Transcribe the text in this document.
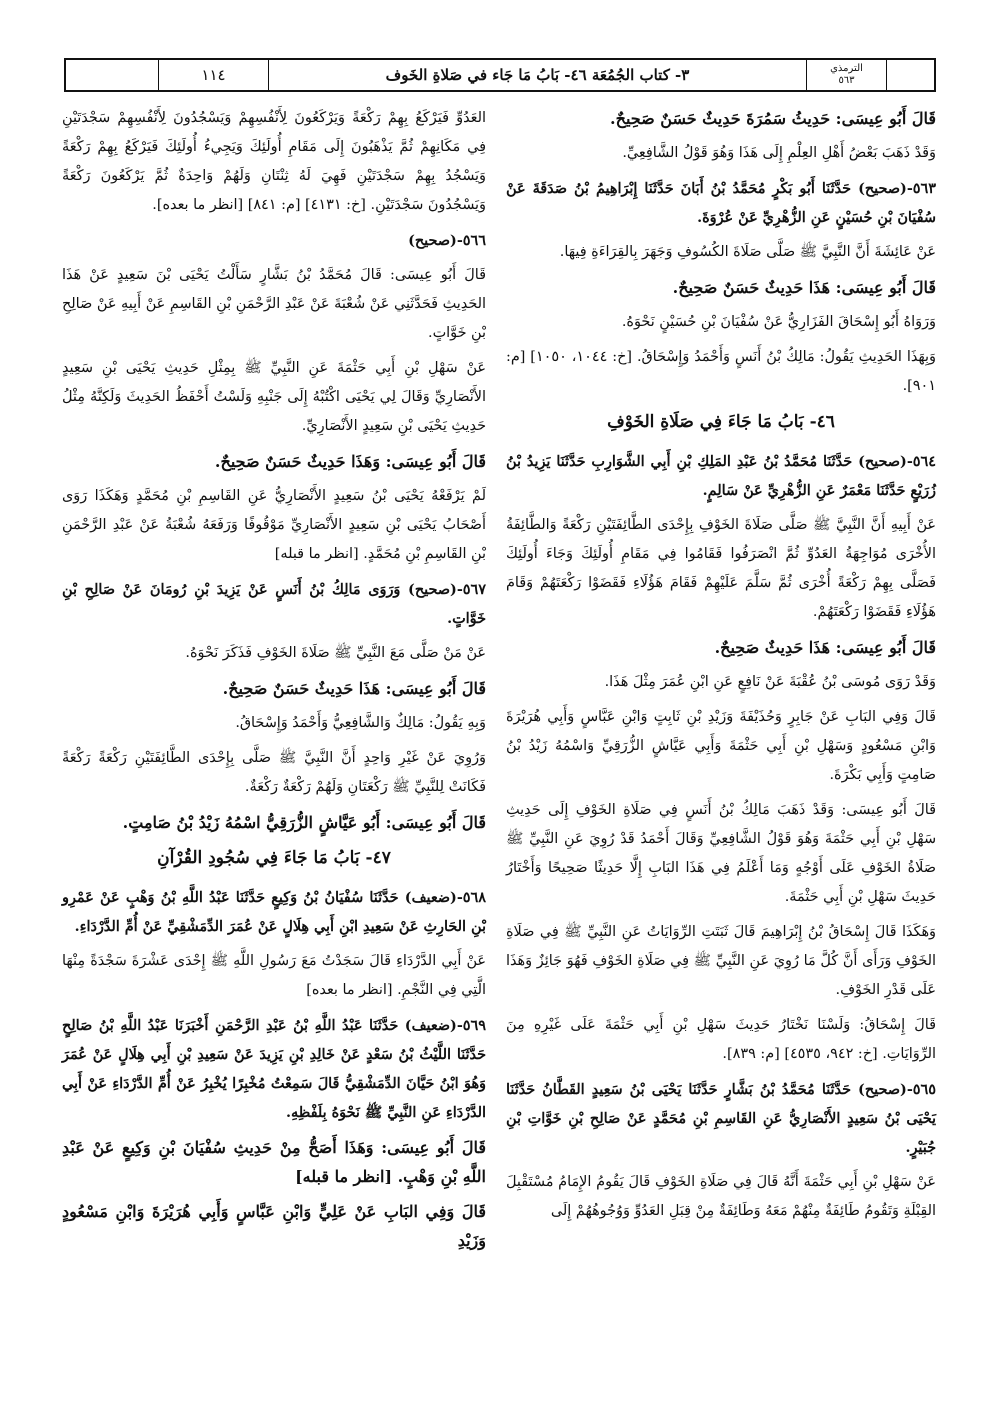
الترمذي
٥٦٣
٣- كتاب الجُمُعَة ٤٦- بَابُ مَا جَاء في صَلاةِ الخَوف
١١٤

قَالَ أَبُو عِيسَى: حَدِيثُ سَمُرَةَ حَدِيثٌ حَسَنٌ صَحِيحٌ.

وَقَدْ ذَهَبَ بَعْضُ أَهْلِ العِلْمِ إِلَى هَذَا وَهُوَ قَوْلُ الشَّافِعِيِّ.

٥٦٣-(صحيح) حَدَّثَنَا أَبُو بَكْرٍ مُحَمَّدُ بْنُ أَبَانَ حَدَّثَنَا إِبْرَاهِيمُ بْنُ صَدَقَةَ عَنْ سُفْيَانَ بْنِ حُسَيْنٍ عَنِ الزُّهْرِيِّ عَنْ عُرْوَةَ.

عَنْ عَائِشَةَ أَنَّ النَّبِيَّ ﷺ صَلَّى صَلَاةَ الكُسُوفِ وَجَهَرَ بِالقِرَاءَةِ فِيهَا.

قَالَ أَبُو عِيسَى: هَذَا حَدِيثٌ حَسَنٌ صَحِيحٌ.

وَرَوَاهُ أَبُو إِسْحَاقَ الفَزَارِيُّ عَنْ سُفْيَانَ بْنِ حُسَيْنٍ نَحْوَهُ.

وَبِهَذَا الحَدِيثِ يَقُولُ: مَالِكُ بْنُ أَنَسٍ وَأَحْمَدُ وَإِسْحَاقُ. [خ: ١٠٤٤، ١٠٥٠] [م: ٩٠١].

٤٦- بَابُ مَا جَاءَ فِي صَلَاةِ الخَوْفِ

٥٦٤-(صحيح) حَدَّثَنَا مُحَمَّدُ بْنُ عَبْدِ المَلِكِ بْنِ أَبِي الشَّوَارِبِ حَدَّثَنَا يَزِيدُ بْنُ زُرَيْعٍ حَدَّثَنَا مَعْمَرٌ عَنِ الزُّهْرِيِّ عَنْ سَالِمٍ.

عَنْ أَبِيهِ أَنَّ النَّبِيَّ ﷺ صَلَّى صَلَاةَ الخَوْفِ بِإِحْدَى الطَّائِفَتَيْنِ رَكْعَةً وَالطَّائِفَةُ الأُخْرَى مُوَاجِهَةُ العَدُوِّ ثُمَّ انْصَرَفُوا فَقَامُوا فِي مَقَامِ أُولَئِكَ وَجَاءَ أُولَئِكَ فَصَلَّى بِهِمْ رَكْعَةً أُخْرَى ثُمَّ سَلَّمَ عَلَيْهِمْ فَقَامَ هَؤُلَاءِ فَقَضَوْا رَكْعَتَهُمْ وَقَامَ هَؤُلَاءِ فَقَضَوْا رَكْعَتَهُمْ.

قَالَ أَبُو عِيسَى: هَذَا حَدِيثٌ صَحِيحٌ.

وَقَدْ رَوَى مُوسَى بْنُ عُقْبَةَ عَنْ نَافِعٍ عَنِ ابْنِ عُمَرَ مِثْلَ هَذَا.

قَالَ وَفِي البَابِ عَنْ جَابِرٍ وَحُذَيْفَةَ وَزَيْدِ بْنِ ثَابِتٍ وَابْنِ عَبَّاسٍ وَأَبِي هُرَيْرَةَ وَابْنِ مَسْعُودٍ وَسَهْلِ بْنِ أَبِي حَثْمَةَ وَأَبِي عَيَّاشٍ الزُّرَقِيِّ وَاسْمُهُ زَيْدُ بْنُ صَامِتٍ وَأَبِي بَكْرَةَ.

قَالَ أَبُو عِيسَى: وَقَدْ ذَهَبَ مَالِكُ بْنُ أَنَسٍ فِي صَلَاةِ الخَوْفِ إِلَى حَدِيثِ سَهْلِ بْنِ أَبِي حَثْمَةَ وَهُوَ قَوْلُ الشَّافِعِيِّ وَقَالَ أَحْمَدُ قَدْ رُوِيَ عَنِ النَّبِيِّ ﷺ صَلَاةُ الخَوْفِ عَلَى أَوْجُهٍ وَمَا أَعْلَمُ فِي هَذَا البَابِ إِلَّا حَدِيثًا صَحِيحًا وَأَخْتَارُ حَدِيثَ سَهْلِ بْنِ أَبِي حَثْمَةَ.

وَهَكَذَا قَالَ إِسْحَاقُ بْنُ إِبْرَاهِيمَ قَالَ ثَبَتَتِ الرِّوَايَاتُ عَنِ النَّبِيِّ ﷺ فِي صَلَاةِ الخَوْفِ وَرَأَى أَنَّ كُلَّ مَا رُوِيَ عَنِ النَّبِيِّ ﷺ فِي صَلَاةِ الخَوْفِ فَهُوَ جَائِزٌ وَهَذَا عَلَى قَدْرِ الخَوْفِ.

قَالَ إِسْحَاقُ: وَلَسْنَا نَخْتَارُ حَدِيثَ سَهْلِ بْنِ أَبِي حَثْمَةَ عَلَى غَيْرِهِ مِنَ الرِّوَايَاتِ. [خ: ٩٤٢، ٤٥٣٥] [م: ٨٣٩].

٥٦٥-(صحيح) حَدَّثَنَا مُحَمَّدُ بْنُ بَشَّارٍ حَدَّثَنَا يَحْيَى بْنُ سَعِيدٍ القَطَّانُ حَدَّثَنَا يَحْيَى بْنُ سَعِيدٍ الأَنْصَارِيُّ عَنِ القَاسِمِ بْنِ مُحَمَّدٍ عَنْ صَالِحِ بْنِ خَوَّاتِ بْنِ جُبَيْرٍ.

عَنْ سَهْلِ بْنِ أَبِي حَثْمَةَ أَنَّهُ قَالَ فِي صَلَاةِ الخَوْفِ قَالَ يَقُومُ الإِمَامُ مُسْتَقْبِلَ القِبْلَةِ وَتَقُومُ طَائِفَةٌ مِنْهُمْ مَعَهُ وَطَائِفَةٌ مِنْ قِبَلِ العَدُوِّ وَوُجُوهُهُمْ إِلَى

العَدُوِّ فَيَرْكَعُ بِهِمْ رَكْعَةً وَيَرْكَعُونَ لِأَنْفُسِهِمْ وَيَسْجُدُونَ لِأَنْفُسِهِمْ سَجْدَتَيْنِ فِي مَكَانِهِمْ ثُمَّ يَذْهَبُونَ إِلَى مَقَامِ أُولَئِكَ وَيَجِيءُ أُولَئِكَ فَيَرْكَعُ بِهِمْ رَكْعَةً وَيَسْجُدُ بِهِمْ سَجْدَتَيْنِ فَهِيَ لَهُ ثِنْتَانِ وَلَهُمْ وَاحِدَةٌ ثُمَّ يَرْكَعُونَ رَكْعَةً وَيَسْجُدُونَ سَجْدَتَيْنِ. [خ: ٤١٣١] [م: ٨٤١] [انظر ما بعده].

٥٦٦-(صحيح)

قَالَ أَبُو عِيسَى: قَالَ مُحَمَّدُ بْنُ بَشَّارٍ سَأَلْتُ يَحْيَى بْنَ سَعِيدٍ عَنْ هَذَا الحَدِيثِ فَحَدَّثَنِي عَنْ شُعْبَةَ عَنْ عَبْدِ الرَّحْمَنِ بْنِ القَاسِمِ عَنْ أَبِيهِ عَنْ صَالِحِ بْنِ خَوَّاتٍ.

عَنْ سَهْلِ بْنِ أَبِي حَثْمَةَ عَنِ النَّبِيِّ ﷺ بِمِثْلِ حَدِيثِ يَحْيَى بْنِ سَعِيدٍ الأَنْصَارِيِّ وَقَالَ لِي يَحْيَى اكْتُبْهُ إِلَى جَنْبِهِ وَلَسْتُ أَحْفَظُ الحَدِيثَ وَلَكِنَّهُ مِثْلُ حَدِيثِ يَحْيَى بْنِ سَعِيدٍ الأَنْصَارِيِّ.

قَالَ أَبُو عِيسَى: وَهَذَا حَدِيثٌ حَسَنٌ صَحِيحٌ.

لَمْ يَرْفَعْهُ يَحْيَى بْنُ سَعِيدٍ الأَنْصَارِيُّ عَنِ القَاسِمِ بْنِ مُحَمَّدٍ وَهَكَذَا رَوَى أَصْحَابُ يَحْيَى بْنِ سَعِيدٍ الأَنْصَارِيِّ مَوْقُوفًا وَرَفَعَهُ شُعْبَةُ عَنْ عَبْدِ الرَّحْمَنِ بْنِ القَاسِمِ بْنِ مُحَمَّدٍ. [انظر ما قبله]

٥٦٧-(صحيح) وَرَوَى مَالِكُ بْنُ أَنَسٍ عَنْ يَزِيدَ بْنِ رُومَانَ عَنْ صَالِحِ بْنِ خَوَّاتٍ.

عَنْ مَنْ صَلَّى مَعَ النَّبِيِّ ﷺ صَلَاةَ الخَوْفِ فَذَكَرَ نَحْوَهُ.

قَالَ أَبُو عِيسَى: هَذَا حَدِيثٌ حَسَنٌ صَحِيحٌ.

وَبِهِ يَقُولُ: مَالِكٌ وَالشَّافِعِيُّ وَأَحْمَدُ وَإِسْحَاقُ.

وَرُوِيَ عَنْ غَيْرِ وَاحِدٍ أَنَّ النَّبِيَّ ﷺ صَلَّى بِإِحْدَى الطَّائِفَتَيْنِ رَكْعَةً رَكْعَةً فَكَانَتْ لِلنَّبِيِّ ﷺ رَكْعَتَانِ وَلَهُمْ رَكْعَةٌ رَكْعَةٌ.

قَالَ أَبُو عِيسَى: أَبُو عَيَّاشٍ الزُّرَقِيُّ اسْمُهُ زَيْدُ بْنُ صَامِتٍ.

٤٧- بَابُ مَا جَاءَ فِي سُجُودِ القُرْآنِ

٥٦٨-(ضعيف) حَدَّثَنَا سُفْيَانُ بْنُ وَكِيعٍ حَدَّثَنَا عَبْدُ اللَّهِ بْنُ وَهْبٍ عَنْ عَمْرِو بْنِ الحَارِثِ عَنْ سَعِيدِ ابْنِ أَبِي هِلَالٍ عَنْ عُمَرَ الدِّمَشْقِيِّ عَنْ أُمِّ الدَّرْدَاءِ.

عَنْ أَبِي الدَّرْدَاءِ قَالَ سَجَدْتُ مَعَ رَسُولِ اللَّهِ ﷺ إِحْدَى عَشْرَةَ سَجْدَةً مِنْهَا الَّتِي فِي النَّجْمِ. [انظر ما بعده]

٥٦٩-(ضعيف) حَدَّثَنَا عَبْدُ اللَّهِ بْنُ عَبْدِ الرَّحْمَنِ أَخْبَرَنَا عَبْدُ اللَّهِ بْنُ صَالِحٍ حَدَّثَنَا اللَّيْثُ بْنُ سَعْدٍ عَنْ خَالِدِ بْنِ يَزِيدَ عَنْ سَعِيدِ بْنِ أَبِي هِلَالٍ عَنْ عُمَرَ وَهُوَ ابْنُ حَيَّانَ الدِّمَشْقِيُّ قَالَ سَمِعْتُ مُخْبِرًا يُخْبِرُ عَنْ أُمِّ الدَّرْدَاءِ عَنْ أَبِي الدَّرْدَاءِ عَنِ النَّبِيِّ ﷺ نَحْوَهُ بِلَفْظِهِ.

قَالَ أَبُو عِيسَى: وَهَذَا أَصَحُّ مِنْ حَدِيثِ سُفْيَانَ بْنِ وَكِيعٍ عَنْ عَبْدِ اللَّهِ بْنِ وَهْبٍ. [انظر ما قبله]

قَالَ وَفِي البَابِ عَنْ عَلِيٍّ وَابْنِ عَبَّاسٍ وَأَبِي هُرَيْرَةَ وَابْنِ مَسْعُودٍ وَزَيْدِ
